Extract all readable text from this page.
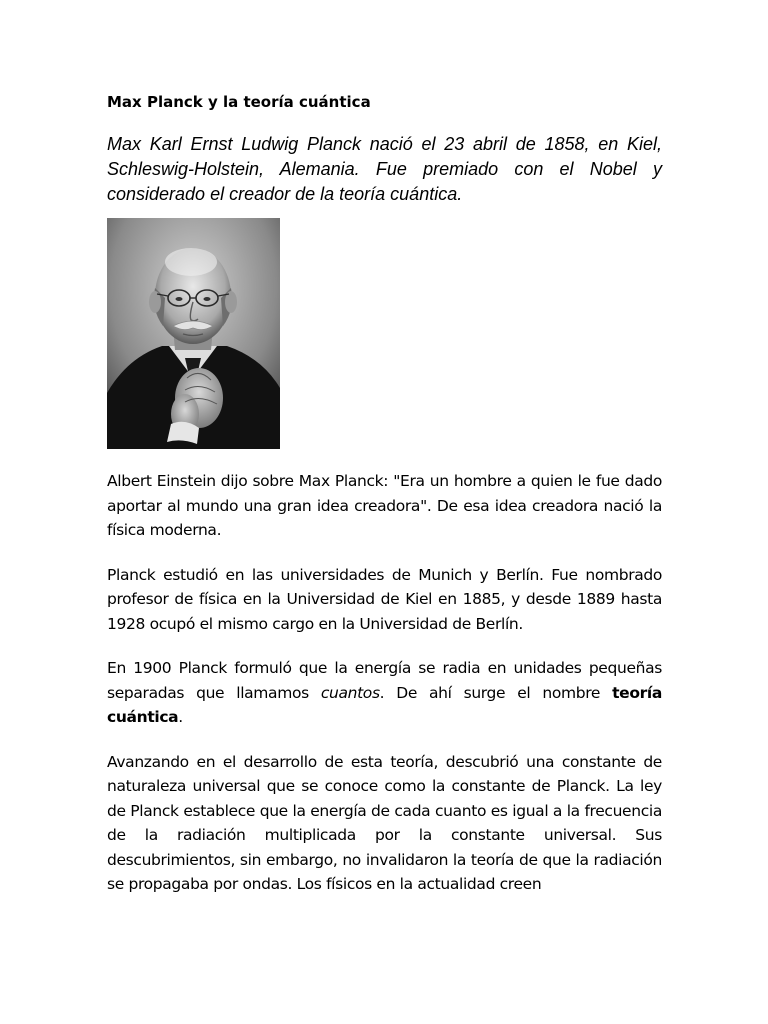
Max Planck y la teoría cuántica

Max Karl Ernst Ludwig Planck nació el 23 abril de 1858, en Kiel, Schleswig-Holstein, Alemania. Fue premiado con el Nobel y considerado el creador de la teoría cuántica.

Albert Einstein dijo sobre Max Planck: "Era un hombre a quien le fue dado aportar al mundo una gran idea creadora". De esa idea creadora nació la física moderna.

Planck estudió en las universidades de Munich y Berlín. Fue nombrado profesor de física en la Universidad de Kiel en 1885, y desde 1889 hasta 1928 ocupó el mismo cargo en la Universidad de Berlín.

En 1900 Planck formuló que la energía se radia en unidades pequeñas separadas que llamamos cuantos. De ahí surge el nombre teoría cuántica.

Avanzando en el desarrollo de esta teoría, descubrió una constante de naturaleza universal que se conoce como la constante de Planck. La ley de Planck establece que la energía de cada cuanto es igual a la frecuencia de la radiación multiplicada por la constante universal. Sus descubrimientos, sin embargo, no invalidaron la teoría de que la radiación se propagaba por ondas. Los físicos en la actualidad creen
